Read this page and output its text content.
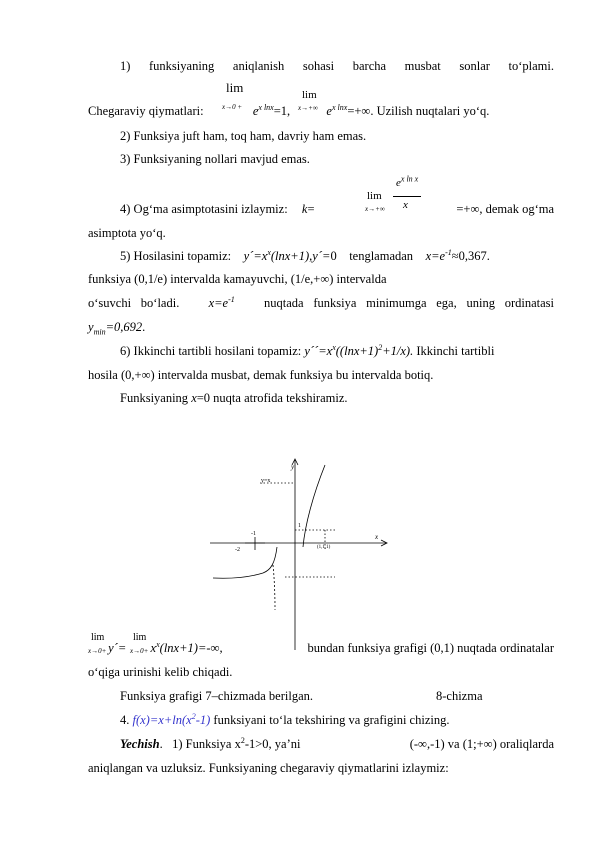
1) funksiyaning aniqlanish sohasi barcha musbat sonlar to‘plami.
lim
x→0 +
lim
x→+∞
Chegaraviy qiymatlari:	$e^{x lnx}=1$,	$e^{x lnx}=+\infty$. Uzilish nuqtalari yo‘q.
2) Funksiya juft ham, toq ham, davriy ham emas.
3) Funksiyaning nollari mavjud emas.
lim
x→+∞
$e^{x ln x}$
x
4) Og‘ma asimptotasini izlaymiz: k=	=+∞, demak og‘ma
asimptota yo‘q.
5) Hosilasini topamiz: $y´=x^x(\ln x+1),y´=0$ tenglamadan $x=e^{-1}\approx 0,367$.
funksiya (0,1/e) intervalda kamayuvchi, (1/e,+∞) intervalda
o‘suvchi bo‘ladi. $x=e^{-1}$ nuqtada funksiya minimumga ega, uning ordinatasi
$y_{min}=0,692$.
6) Ikkinchi tartibli hosilani topamiz: $y´´=x^x((\ln x+1)^2+1/x)$. Ikkinchi tartibli
hosila (0,+∞) intervalda musbat, demak funksiya bu intervalda botiq.
Funksiyaning x=0 nuqta atrofida tekshiramiz.
y
x
y=x
1
-2
-1
(1,1,1)
lim
x→0+
lim
x→0+
y´= $x^x(\ln x+1)=-\infty$,	bundan funksiya grafigi (0,1) nuqtada ordinatalar
o‘qiga urinishi kelib chiqadi.
Funksiya grafigi 7–chizmada berilgan.	8-chizma
4. $f(x)=x+\ln(x^2-1)$ funksiyani to‘la tekshiring va grafigini chizing.
Yechish. 1) Funksiya $x^2-1>0$, ya’ni	(-∞,-1) va (1;+∞) oraliqlarda
aniqlangan va uzluksiz. Funksiyaning chegaraviy qiymatlarini izlaymiz:
